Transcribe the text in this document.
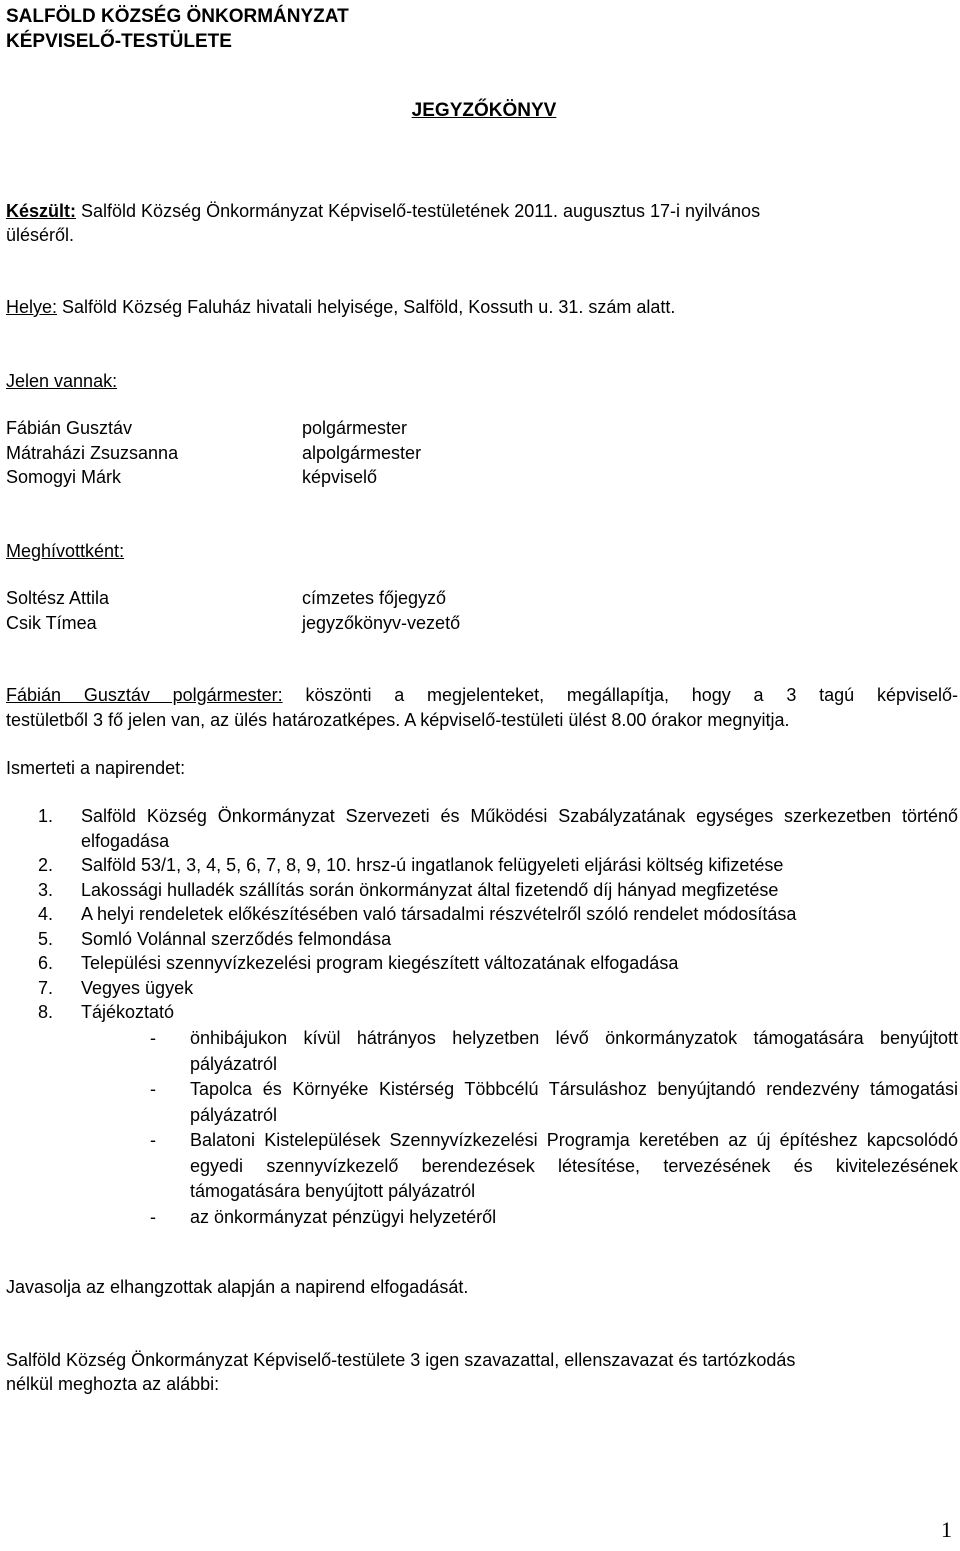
SALFÖLD KÖZSÉG ÖNKORMÁNYZAT
KÉPVISELŐ-TESTÜLETE
JEGYZŐKÖNYV
Készült: Salföld Község Önkormányzat Képviselő-testületének 2011. augusztus 17-i nyilvános
üléséről.
Helye: Salföld Község Faluház hivatali helyisége, Salföld, Kossuth u. 31. szám alatt.
Jelen vannak:
Fábián Gusztáv
Mátraházi Zsuzsanna
Somogyi Márk
polgármester
alpolgármester
képviselő
Meghívottként:
Soltész Attila
Csik Tímea
címzetes főjegyző
jegyzőkönyv-vezető
Fábián Gusztáv polgármester: köszönti a megjelenteket, megállapítja, hogy a 3 tagú képviselő-
testületből 3 fő jelen van, az ülés határozatképes. A képviselő-testületi ülést 8.00 órakor megnyitja.
Ismerteti a napirendet:
1. Salföld Község Önkormányzat Szervezeti és Működési Szabályzatának egységes szerkezetben történő elfogadása
2. Salföld 53/1, 3, 4, 5, 6, 7, 8, 9, 10. hrsz-ú ingatlanok felügyeleti eljárási költség kifizetése
3. Lakossági hulladék szállítás során önkormányzat által fizetendő díj hányad megfizetése
4. A helyi rendeletek előkészítésében való társadalmi részvételről szóló rendelet módosítása
5. Somló Volánnal szerződés felmondása
6. Települési szennyvízkezelési program kiegészített változatának elfogadása
7. Vegyes ügyek
8. Tájékoztató
- önhibájukon kívül hátrányos helyzetben lévő önkormányzatok támogatására benyújtott pályázatról
- Tapolca és Környéke Kistérség Többcélú Társuláshoz benyújtandó rendezvény támogatási pályázatról
- Balatoni Kistelepülések Szennyvízkezelési Programja keretében az új építéshez kapcsolódó egyedi szennyvízkezelő berendezések létesítése, tervezésének és kivitelezésének támogatására benyújtott pályázatról
- az önkormányzat pénzügyi helyzetéről
Javasolja az elhangzottak alapján a napirend elfogadását.
Salföld Község Önkormányzat Képviselő-testülete 3 igen szavazattal, ellenszavazat és tartózkodás
nélkül meghozta az alábbi:
1
